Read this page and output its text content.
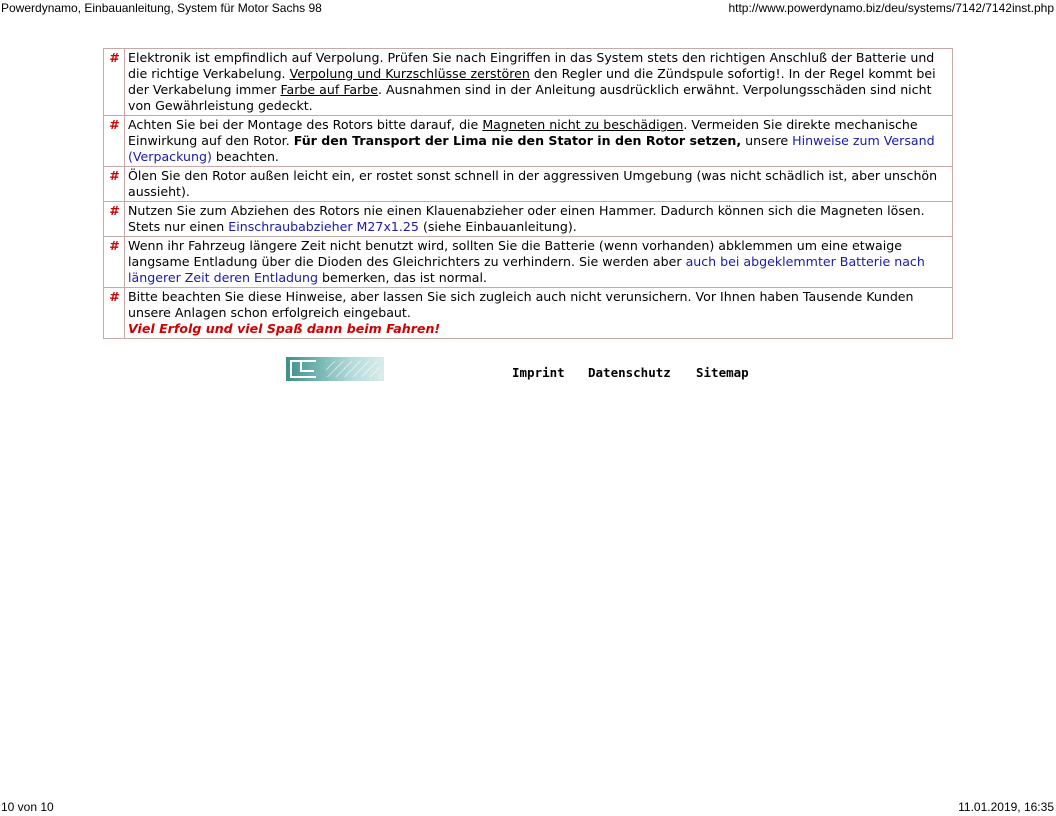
Powerdynamo, Einbauanleitung, System für Motor Sachs 98	http://www.powerdynamo.biz/deu/systems/7142/7142inst.php
#	Elektronik ist empfindlich auf Verpolung. Prüfen Sie nach Eingriffen in das System stets den richtigen Anschluß der Batterie und die richtige Verkabelung. Verpolung und Kurzschlüsse zerstören den Regler und die Zündspule sofortig!. In der Regel kommt bei der Verkabelung immer Farbe auf Farbe. Ausnahmen sind in der Anleitung ausdrücklich erwähnt. Verpolungsschäden sind nicht von Gewährleistung gedeckt.
#	Achten Sie bei der Montage des Rotors bitte darauf, die Magneten nicht zu beschädigen. Vermeiden Sie direkte mechanische Einwirkung auf den Rotor. Für den Transport der Lima nie den Stator in den Rotor setzen, unsere Hinweise zum Versand (Verpackung) beachten.
#	Ölen Sie den Rotor außen leicht ein, er rostet sonst schnell in der aggressiven Umgebung (was nicht schädlich ist, aber unschön aussieht).
#	Nutzen Sie zum Abziehen des Rotors nie einen Klauenabzieher oder einen Hammer. Dadurch können sich die Magneten lösen. Stets nur einen Einschraubabzieher M27x1.25 (siehe Einbauanleitung).
#	Wenn ihr Fahrzeug längere Zeit nicht benutzt wird, sollten Sie die Batterie (wenn vorhanden) abklemmen um eine etwaige langsame Entladung über die Dioden des Gleichrichters zu verhindern. Sie werden aber auch bei abgeklemmter Batterie nach längerer Zeit deren Entladung bemerken, das ist normal.
#	Bitte beachten Sie diese Hinweise, aber lassen Sie sich zugleich auch nicht verunsichern. Vor Ihnen haben Tausende Kunden unsere Anlagen schon erfolgreich eingebaut.
Viel Erfolg und viel Spaß dann beim Fahren!
Imprint Datenschutz Sitemap
10 von 10	11.01.2019, 16:35
